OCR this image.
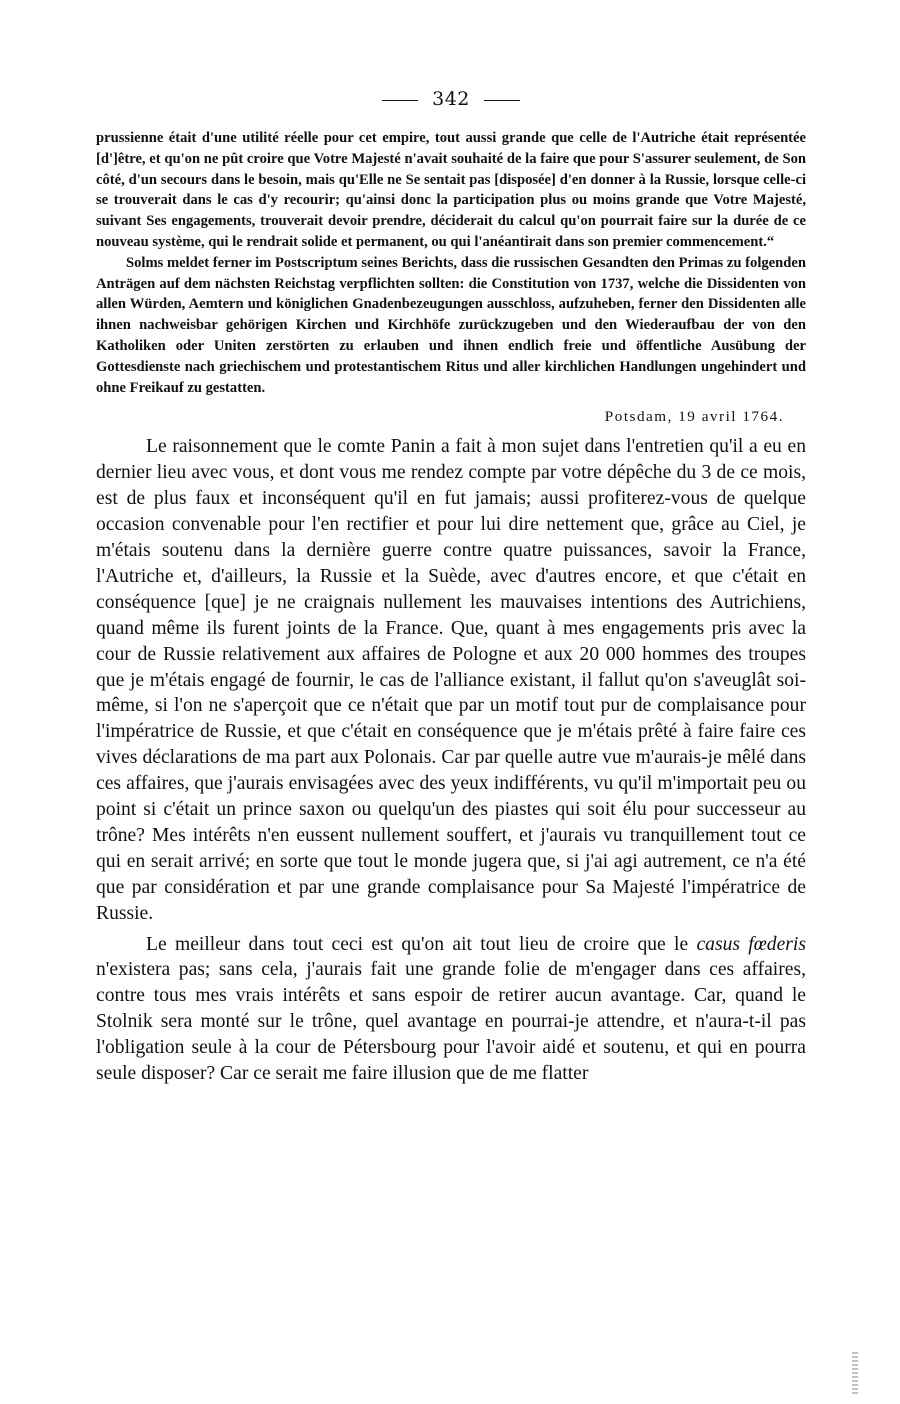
342

prussienne était d'une utilité réelle pour cet empire, tout aussi grande que celle de l'Autriche était représentée [d']être, et qu'on ne pût croire que Votre Majesté n'avait souhaité de la faire que pour S'assurer seulement, de Son côté, d'un secours dans le besoin, mais qu'Elle ne Se sentait pas [disposée] d'en donner à la Russie, lorsque celle-ci se trouverait dans le cas d'y recourir; qu'ainsi donc la participation plus ou moins grande que Votre Majesté, suivant Ses engagements, trouverait devoir prendre, déciderait du calcul qu'on pourrait faire sur la durée de ce nouveau système, qui le rendrait solide et permanent, ou qui l'anéantirait dans son premier commencement.“

Solms meldet ferner im Postscriptum seines Berichts, dass die russischen Gesandten den Primas zu folgenden Anträgen auf dem nächsten Reichstag verpflichten sollten: die Constitution von 1737, welche die Dissidenten von allen Würden, Aemtern und königlichen Gnadenbezeugungen ausschloss, aufzuheben, ferner den Dissidenten alle ihnen nachweisbar gehörigen Kirchen und Kirchhöfe zurückzugeben und den Wiederaufbau der von den Katholiken oder Uniten zerstörten zu erlauben und ihnen endlich freie und öffentliche Ausübung der Gottesdienste nach griechischem und protestantischem Ritus und aller kirchlichen Handlungen ungehindert und ohne Freikauf zu gestatten.

Potsdam, 19 avril 1764.

Le raisonnement que le comte Panin a fait à mon sujet dans l'entretien qu'il a eu en dernier lieu avec vous, et dont vous me rendez compte par votre dépêche du 3 de ce mois, est de plus faux et inconséquent qu'il en fut jamais; aussi profiterez-vous de quelque occasion convenable pour l'en rectifier et pour lui dire nettement que, grâce au Ciel, je m'étais soutenu dans la dernière guerre contre quatre puissances, savoir la France, l'Autriche et, d'ailleurs, la Russie et la Suède, avec d'autres encore, et que c'était en conséquence [que] je ne craignais nullement les mauvaises intentions des Autrichiens, quand même ils furent joints de la France. Que, quant à mes engagements pris avec la cour de Russie relativement aux affaires de Pologne et aux 20 000 hommes des troupes que je m'étais engagé de fournir, le cas de l'alliance existant, il fallut qu'on s'aveuglât soi-même, si l'on ne s'aperçoit que ce n'était que par un motif tout pur de complaisance pour l'impératrice de Russie, et que c'était en conséquence que je m'étais prêté à faire faire ces vives déclarations de ma part aux Polonais. Car par quelle autre vue m'aurais-je mêlé dans ces affaires, que j'aurais envisagées avec des yeux indifférents, vu qu'il m'importait peu ou point si c'était un prince saxon ou quelqu'un des piastes qui soit élu pour successeur au trône? Mes intérêts n'en eussent nullement souffert, et j'aurais vu tranquillement tout ce qui en serait arrivé; en sorte que tout le monde jugera que, si j'ai agi autrement, ce n'a été que par considération et par une grande complaisance pour Sa Majesté l'impératrice de Russie.

Le meilleur dans tout ceci est qu'on ait tout lieu de croire que le casus fœderis n'existera pas; sans cela, j'aurais fait une grande folie de m'engager dans ces affaires, contre tous mes vrais intérêts et sans espoir de retirer aucun avantage. Car, quand le Stolnik sera monté sur le trône, quel avantage en pourrai-je attendre, et n'aura-t-il pas l'obligation seule à la cour de Pétersbourg pour l'avoir aidé et soutenu, et qui en pourra seule disposer? Car ce serait me faire illusion que de me flatter
